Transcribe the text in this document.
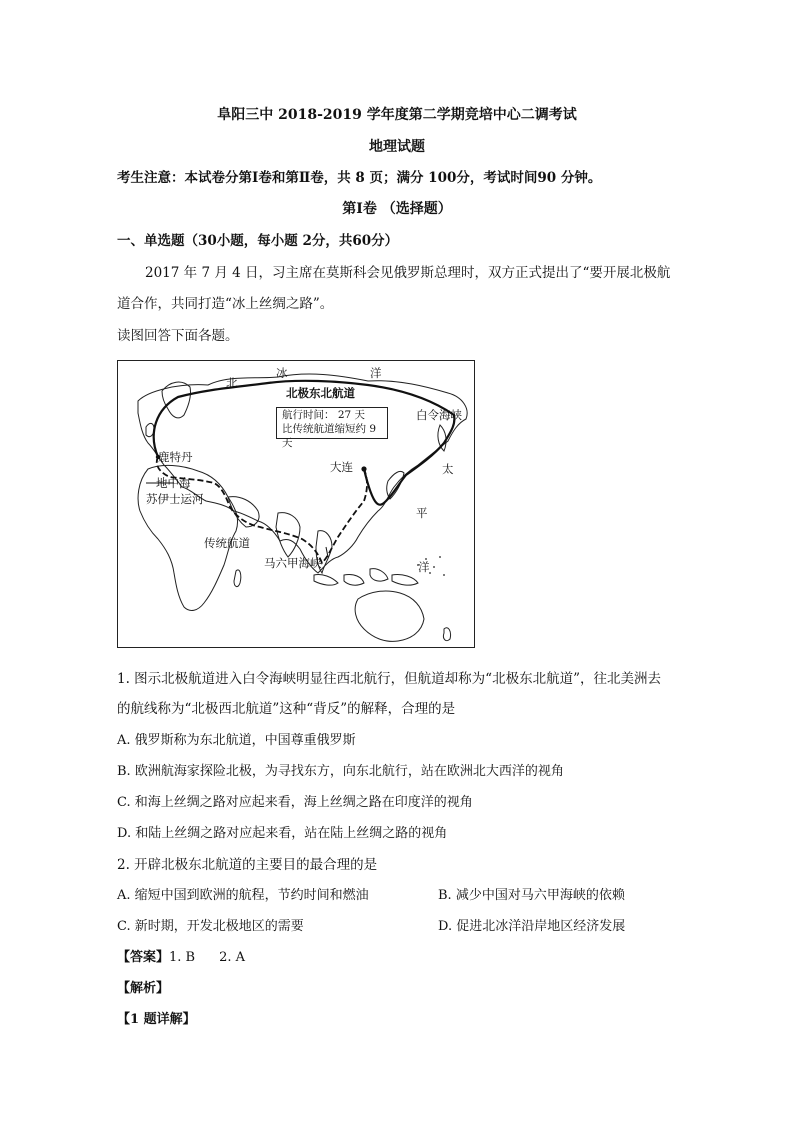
阜阳三中 2018-2019 学年度第二学期竞培中心二调考试
地理试题
考生注意：本试卷分第Ⅰ卷和第Ⅱ卷，共 8 页；满分 100分，考试时间90 分钟。
第Ⅰ卷 （选择题）
一、单选题（30小题，每小题 2分，共60分）
2017 年 7 月 4 日，习主席在莫斯科会见俄罗斯总理时，双方正式提出了“要开展北极航
道合作，共同打造“冰上丝绸之路”。
读图回答下面各题。
北
冰	洋
北极东北航道
航行时间： 27 天
比传统航道缩短约 9 天
白令海峡
大连	太
平
洋
鹿特丹
地中海
苏伊士运河
传统航道
马六甲海峡
1. 图示北极航道进入白令海峡明显往西北航行，但航道却称为“北极东北航道”，往北美洲去
的航线称为“北极西北航道”这种“背反”的解释，合理的是
A. 俄罗斯称为东北航道，中国尊重俄罗斯
B. 欧洲航海家探险北极，为寻找东方，向东北航行，站在欧洲北大西洋的视角
C. 和海上丝绸之路对应起来看，海上丝绸之路在印度洋的视角
D. 和陆上丝绸之路对应起来看，站在陆上丝绸之路的视角
2. 开辟北极东北航道的主要目的最合理的是
A. 缩短中国到欧洲的航程，节约时间和燃油	B. 减少中国对马六甲海峡的依赖
C. 新时期，开发北极地区的需要	D. 促进北冰洋沿岸地区经济发展
【答案】1. B 2. A
【解析】
【1 题详解】
